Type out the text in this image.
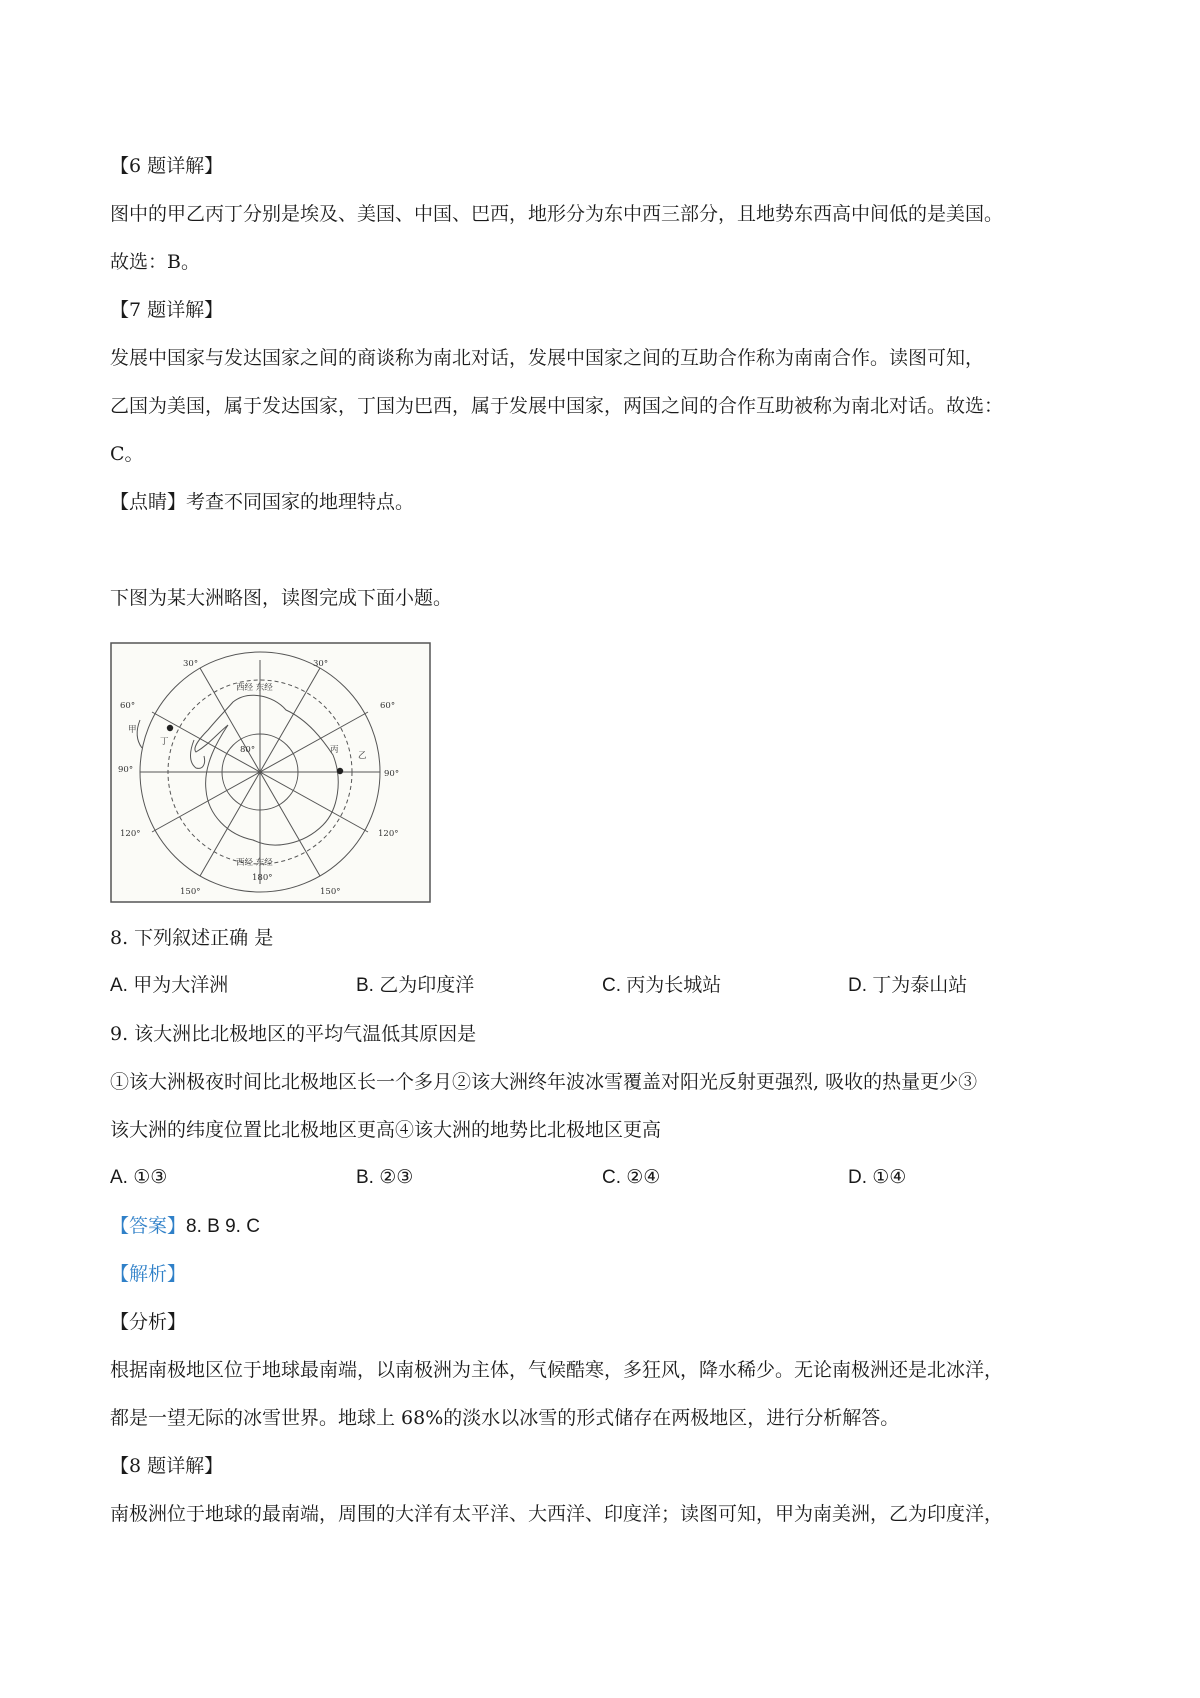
【6 题详解】
图中的甲乙丙丁分别是埃及、美国、中国、巴西，地形分为东中西三部分，且地势东西高中间低的是美国。
故选：B。
【7 题详解】
发展中国家与发达国家之间的商谈称为南北对话，发展中国家之间的互助合作称为南南合作。读图可知，
乙国为美国，属于发达国家，丁国为巴西，属于发展中国家，两国之间的合作互助被称为南北对话。故选：
C。
【点睛】考查不同国家的地理特点。
下图为某大洲略图，读图完成下面小题。
30°	30°
60°	60°
90°	90°
120°	120°
150°	150°
180°
80°
西经 东经
西经 东经
甲
乙
丙
丁
8. 下列叙述正确 是
A. 甲为大洋洲	B. 乙为印度洋	C. 丙为长城站	D. 丁为泰山站
9. 该大洲比北极地区的平均气温低其原因是
①该大洲极夜时间比北极地区长一个多月②该大洲终年波冰雪覆盖对阳光反射更强烈, 吸收的热量更少③
该大洲的纬度位置比北极地区更高④该大洲的地势比北极地区更高
A. ①③	B. ②③	C. ②④	D. ①④
【答案】8. B 9. C
【解析】
【分析】
根据南极地区位于地球最南端，以南极洲为主体，气候酷寒，多狂风，降水稀少。无论南极洲还是北冰洋，
都是一望无际的冰雪世界。地球上 68%的淡水以冰雪的形式储存在两极地区，进行分析解答。
【8 题详解】
南极洲位于地球的最南端，周围的大洋有太平洋、大西洋、印度洋；读图可知，甲为南美洲，乙为印度洋，
